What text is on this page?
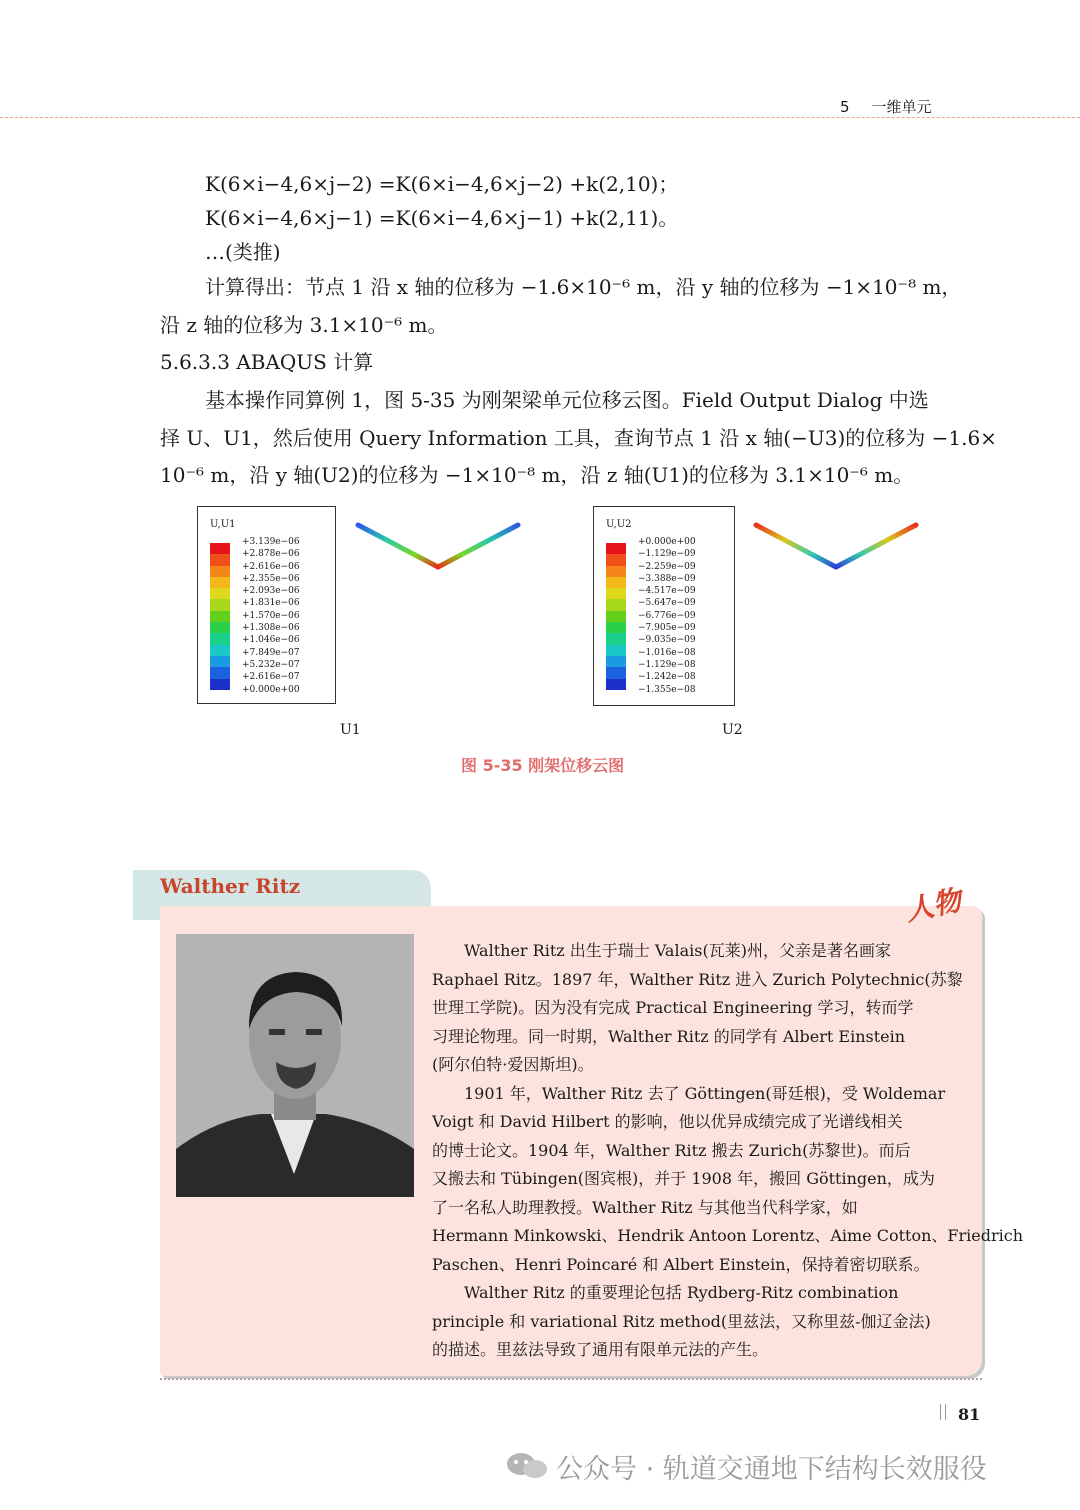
5 一维单元
K(6×i−4,6×j−2) =K(6×i−4,6×j−2) +k(2,10)；
K(6×i−4,6×j−1) =K(6×i−4,6×j−1) +k(2,11)。
…(类推)
计算得出：节点 1 沿 x 轴的位移为 −1.6×10⁻⁶ m，沿 y 轴的位移为 −1×10⁻⁸ m，
沿 z 轴的位移为 3.1×10⁻⁶ m。
5.6.3.3 ABAQUS 计算
基本操作同算例 1，图 5-35 为刚架梁单元位移云图。Field Output Dialog 中选
择 U、U1，然后使用 Query Information 工具，查询节点 1 沿 x 轴(−U3)的位移为 −1.6×
10⁻⁶ m，沿 y 轴(U2)的位移为 −1×10⁻⁸ m，沿 z 轴(U1)的位移为 3.1×10⁻⁶ m。
U,U1
+3.139e−06
+2.878e−06
+2.616e−06
+2.355e−06
+2.093e−06
+1.831e−06
+1.570e−06
+1.308e−06
+1.046e−06
+7.849e−07
+5.232e−07
+2.616e−07
+0.000e+00
U,U2
+0.000e+00
−1.129e−09
−2.259e−09
−3.388e−09
−4.517e−09
−5.647e−09
−6.776e−09
−7.905e−09
−9.035e−09
−1.016e−08
−1.129e−08
−1.242e−08
−1.355e−08
U1	U2
图 5-35 刚架位移云图
Walther Ritz	人物
　　Walther Ritz 出生于瑞士 Valais(瓦莱)州，父亲是著名画家
Raphael Ritz。1897 年，Walther Ritz 进入 Zurich Polytechnic(苏黎
世理工学院)。因为没有完成 Practical Engineering 学习，转而学
习理论物理。同一时期，Walther Ritz 的同学有 Albert Einstein
(阿尔伯特·爱因斯坦)。
　　1901 年，Walther Ritz 去了 Göttingen(哥廷根)，受 Woldemar
Voigt 和 David Hilbert 的影响，他以优异成绩完成了光谱线相关
的博士论文。1904 年，Walther Ritz 搬去 Zurich(苏黎世)。而后
又搬去和 Tübingen(图宾根)，并于 1908 年，搬回 Göttingen，成为
了一名私人助理教授。Walther Ritz 与其他当代科学家，如
Hermann Minkowski、Hendrik Antoon Lorentz、Aime Cotton、Friedrich
Paschen、Henri Poincaré 和 Albert Einstein，保持着密切联系。
　　Walther Ritz 的重要理论包括 Rydberg-Ritz combination
principle 和 variational Ritz method(里兹法，又称里兹-伽辽金法)
的描述。里兹法导致了通用有限单元法的产生。
81
公众号 · 轨道交通地下结构长效服役
